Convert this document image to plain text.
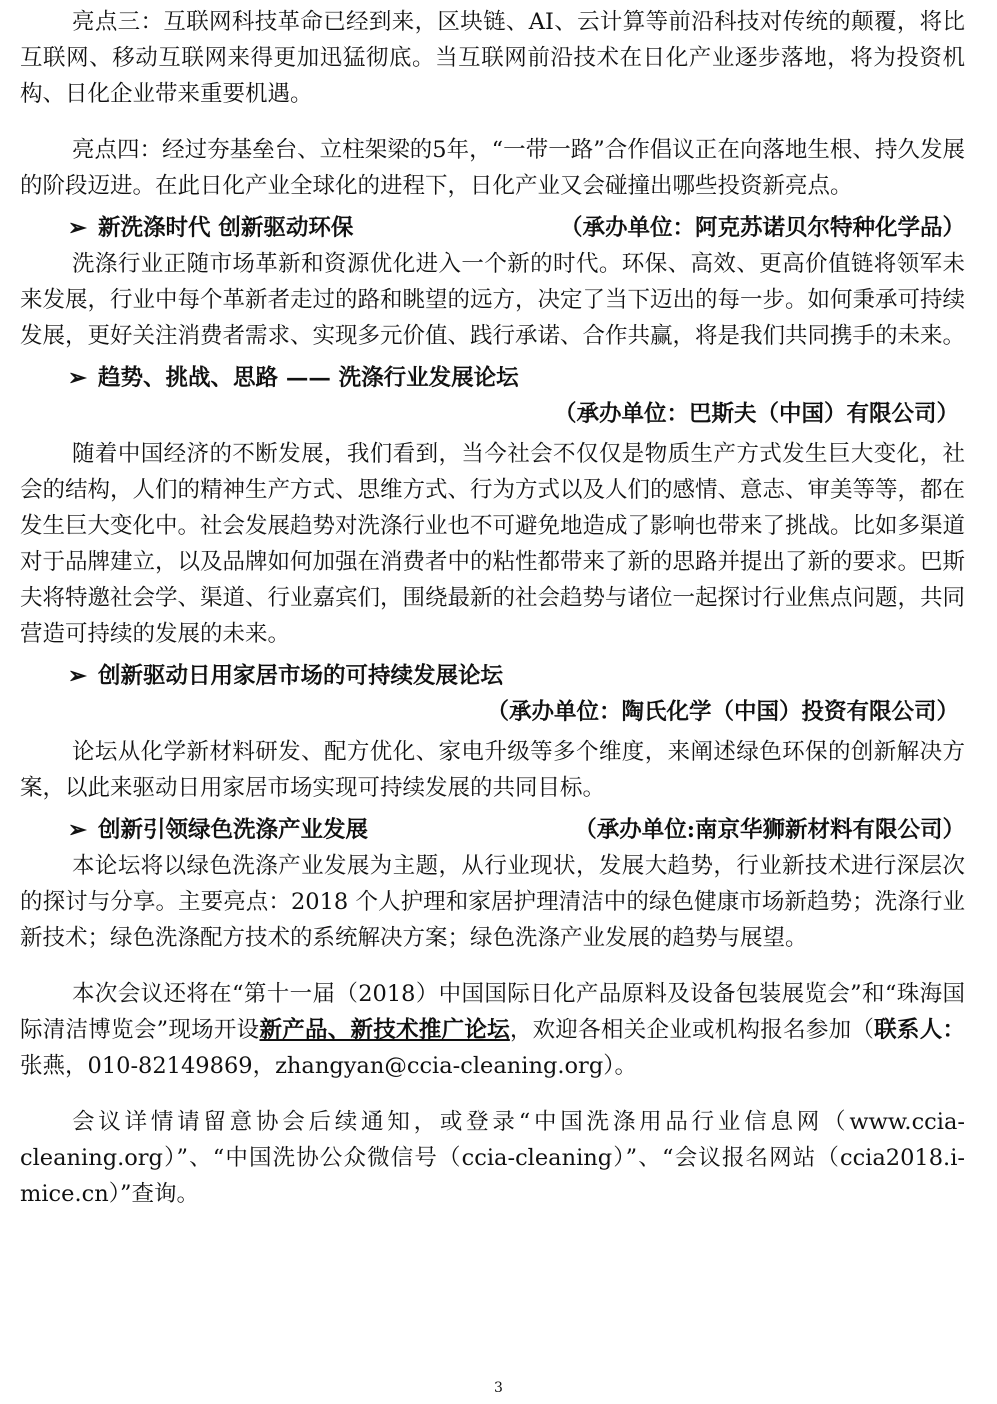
亮点三：互联网科技革命已经到来，区块链、AI、云计算等前沿科技对传统的颠覆，将比互联网、移动互联网来得更加迅猛彻底。当互联网前沿技术在日化产业逐步落地，将为投资机构、日化企业带来重要机遇。

亮点四：经过夯基垒台、立柱架梁的5年，“一带一路”合作倡议正在向落地生根、持久发展的阶段迈进。在此日化产业全球化的进程下，日化产业又会碰撞出哪些投资新亮点。

➢ 新洗涤时代 创新驱动环保	（承办单位：阿克苏诺贝尔特种化学品）

洗涤行业正随市场革新和资源优化进入一个新的时代。环保、高效、更高价值链将领军未来发展，行业中每个革新者走过的路和眺望的远方，决定了当下迈出的每一步。如何秉承可持续发展，更好关注消费者需求、实现多元价值、践行承诺、合作共赢，将是我们共同携手的未来。

➢ 趋势、挑战、思路 —— 洗涤行业发展论坛
（承办单位：巴斯夫（中国）有限公司）

随着中国经济的不断发展，我们看到，当今社会不仅仅是物质生产方式发生巨大变化，社会的结构，人们的精神生产方式、思维方式、行为方式以及人们的感情、意志、审美等等，都在发生巨大变化中。社会发展趋势对洗涤行业也不可避免地造成了影响也带来了挑战。比如多渠道对于品牌建立，以及品牌如何加强在消费者中的粘性都带来了新的思路并提出了新的要求。巴斯夫将特邀社会学、渠道、行业嘉宾们，围绕最新的社会趋势与诸位一起探讨行业焦点问题，共同营造可持续的发展的未来。

➢ 创新驱动日用家居市场的可持续发展论坛
（承办单位：陶氏化学（中国）投资有限公司）

论坛从化学新材料研发、配方优化、家电升级等多个维度，来阐述绿色环保的创新解决方案，以此来驱动日用家居市场实现可持续发展的共同目标。

➢ 创新引领绿色洗涤产业发展	（承办单位:南京华狮新材料有限公司）

本论坛将以绿色洗涤产业发展为主题，从行业现状，发展大趋势，行业新技术进行深层次的探讨与分享。主要亮点：2018 个人护理和家居护理清洁中的绿色健康市场新趋势；洗涤行业新技术；绿色洗涤配方技术的系统解决方案；绿色洗涤产业发展的趋势与展望。

本次会议还将在“第十一届（2018）中国国际日化产品原料及设备包装展览会”和“珠海国际清洁博览会”现场开设新产品、新技术推广论坛，欢迎各相关企业或机构报名参加（联系人：张燕，010-82149869，zhangyan@ccia-cleaning.org）。

会议详情请留意协会后续通知，或登录“中国洗涤用品行业信息网（www.ccia-cleaning.org）”、“中国洗协公众微信号（ccia-cleaning）”、“会议报名网站（ccia2018.i-mice.cn）”查询。

3
